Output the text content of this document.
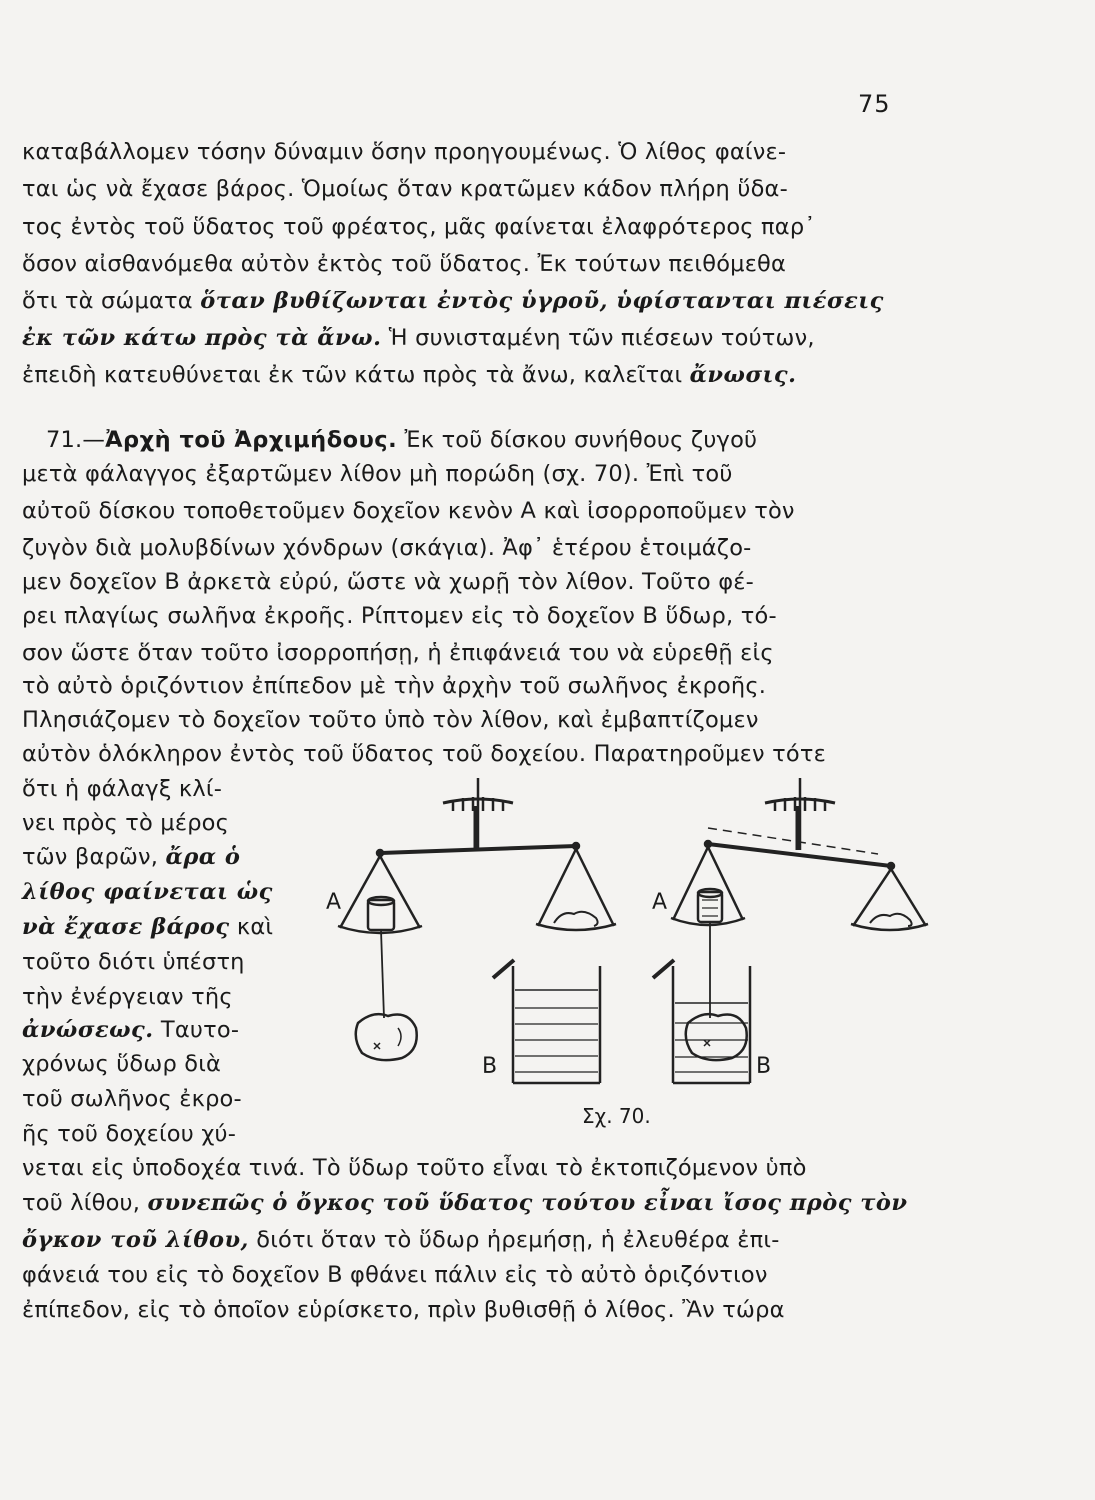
75
καταβάλλομεν τόσην δύναμιν ὅσην προηγουμένως. Ὁ λίθος φαίνε-
ται ὡς νὰ ἔχασε βάρος. Ὁμοίως ὅταν κρατῶμεν κάδον πλήρη ὕδα-
τος ἐντὸς τοῦ ὕδατος τοῦ φρέατος, μᾶς φαίνεται ἐλαφρότερος παρ᾽
ὅσον αἰσθανόμεθα αὐτὸν ἐκτὸς τοῦ ὕδατος. Ἐκ τούτων πειθόμεθα
ὅτι τὰ σώματα ὅταν βυθίζωνται ἐντὸς ὑγροῦ, ὑφίστανται πιέσεις
ἐκ τῶν κάτω πρὸς τὰ ἄνω. Ἡ συνισταμένη τῶν πιέσεων τούτων,
ἐπειδὴ κατευθύνεται ἐκ τῶν κάτω πρὸς τὰ ἄνω, καλεῖται ἄνωσις.
71.—Ἀρχὴ τοῦ Ἀρχιμήδους. Ἐκ τοῦ δίσκου συνήθους ζυγοῦ
μετὰ φάλαγγος ἐξαρτῶμεν λίθον μὴ πορώδη (σχ. 70). Ἐπὶ τοῦ
αὐτοῦ δίσκου τοποθετοῦμεν δοχεῖον κενὸν Α καὶ ἰσορροποῦμεν τὸν
ζυγὸν διὰ μολυβδίνων χόνδρων (σκάγια). Ἀφ᾽ ἑτέρου ἑτοιμάζο-
μεν δοχεῖον Β ἀρκετὰ εὐρύ, ὥστε νὰ χωρῇ τὸν λίθον. Τοῦτο φέ-
ρει πλαγίως σωλῆνα ἐκροῆς. Ρίπτομεν εἰς τὸ δοχεῖον Β ὕδωρ, τό-
σον ὥστε ὅταν τοῦτο ἰσορροπήσῃ, ἡ ἐπιφάνειά του νὰ εὑρεθῇ εἰς
τὸ αὐτὸ ὁριζόντιον ἐπίπεδον μὲ τὴν ἀρχὴν τοῦ σωλῆνος ἐκροῆς.
Πλησιάζομεν τὸ δοχεῖον τοῦτο ὑπὸ τὸν λίθον, καὶ ἐμβαπτίζομεν
αὐτὸν ὁλόκληρον ἐντὸς τοῦ ὕδατος τοῦ δοχείου. Παρατηροῦμεν τότε
ὅτι ἡ φάλαγξ κλί-
νει πρὸς τὸ μέρος
τῶν βαρῶν, ἄρα ὁ
λίθος φαίνεται ὡς
νὰ ἔχασε βάρος καὶ
τοῦτο διότι ὑπέστη
τὴν ἐνέργειαν τῆς
ἀνώσεως. Ταυτο-
χρόνως ὕδωρ διὰ
τοῦ σωλῆνος ἐκρο-
ῆς τοῦ δοχείου χύ-
Α	Α
Β	Β
Σχ. 70.
νεται εἰς ὑποδοχέα τινά. Τὸ ὕδωρ τοῦτο εἶναι τὸ ἐκτοπιζόμενον ὑπὸ
τοῦ λίθου, συνεπῶς ὁ ὄγκος τοῦ ὕδατος τούτου εἶναι ἴσος πρὸς τὸν
ὄγκον τοῦ λίθου, διότι ὅταν τὸ ὕδωρ ἠρεμήσῃ, ἡ ἐλευθέρα ἐπι-
φάνειά του εἰς τὸ δοχεῖον Β φθάνει πάλιν εἰς τὸ αὐτὸ ὁριζόντιον
ἐπίπεδον, εἰς τὸ ὁποῖον εὑρίσκετο, πρὶν βυθισθῇ ὁ λίθος. Ἂν τώρα
